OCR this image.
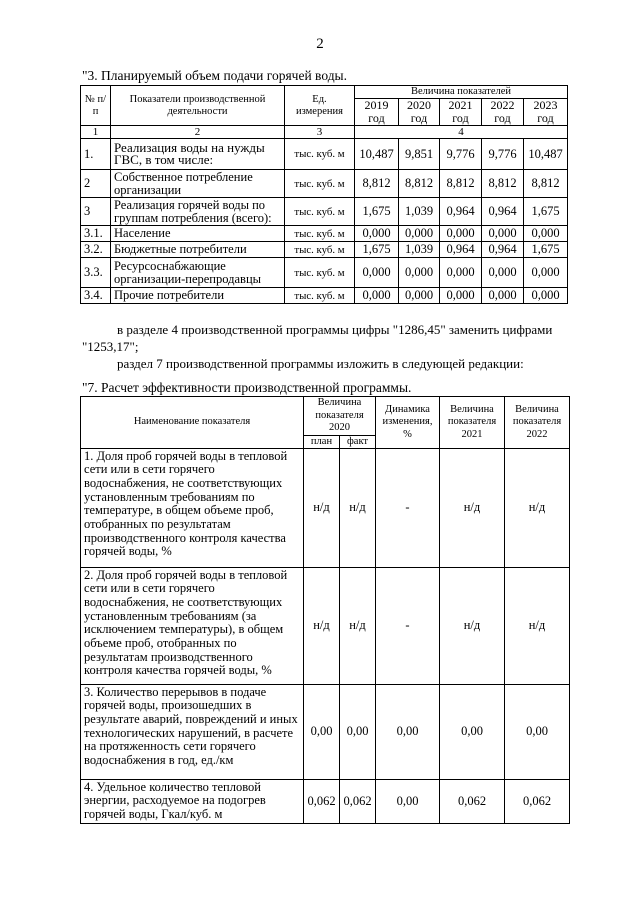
2
"3. Планируемый объем подачи горячей воды.
№ п/п	Показатели производственной деятельности	Ед. измерения	Величина показателей				
			2019 год	2020 год	2021 год	2022 год	2023 год
1	2	3	4				
1.	Реализация воды на нужды ГВС, в том числе:	тыс. куб. м	10,487	9,851	9,776	9,776	10,487
2	Собственное потребление организации	тыс. куб. м	8,812	8,812	8,812	8,812	8,812
3	Реализация горячей воды по группам потребления (всего):	тыс. куб. м	1,675	1,039	0,964	0,964	1,675
3.1.	Население	тыс. куб. м	0,000	0,000	0,000	0,000	0,000
3.2.	Бюджетные потребители	тыс. куб. м	1,675	1,039	0,964	0,964	1,675
3.3.	Ресурсоснабжающие организации-перепродавцы	тыс. куб. м	0,000	0,000	0,000	0,000	0,000
3.4.	Прочие потребители	тыс. куб. м	0,000	0,000	0,000	0,000	0,000
в разделе 4 производственной программы цифры "1286,45" заменить цифрами
"1253,17";
раздел 7 производственной программы изложить в следующей редакции:
"7. Расчет эффективности производственной программы.
Наименование показателя	Величина показателя 2020		Динамика изменения, %	Величина показателя 2021	Величина показателя 2022
	план	факт			
1. Доля проб горячей воды в тепловой сети или в сети горячего водоснабжения, не соответствующих установленным требованиям по температуре, в общем объеме проб, отобранных по результатам производственного контроля качества горячей воды, %	н/д	н/д	-	н/д	н/д
2. Доля проб горячей воды в тепловой сети или в сети горячего водоснабжения, не соответствующих установленным требованиям (за исключением температуры), в общем объеме проб, отобранных по результатам производственного контроля качества горячей воды, %	н/д	н/д	-	н/д	н/д
3. Количество перерывов в подаче горячей воды, произошедших в результате аварий, повреждений и иных технологических нарушений, в расчете на протяженность сети горячего водоснабжения в год, ед./км	0,00	0,00	0,00	0,00	0,00
4. Удельное количество тепловой энергии, расходуемое на подогрев горячей воды, Гкал/куб. м	0,062	0,062	0,00	0,062	0,062
